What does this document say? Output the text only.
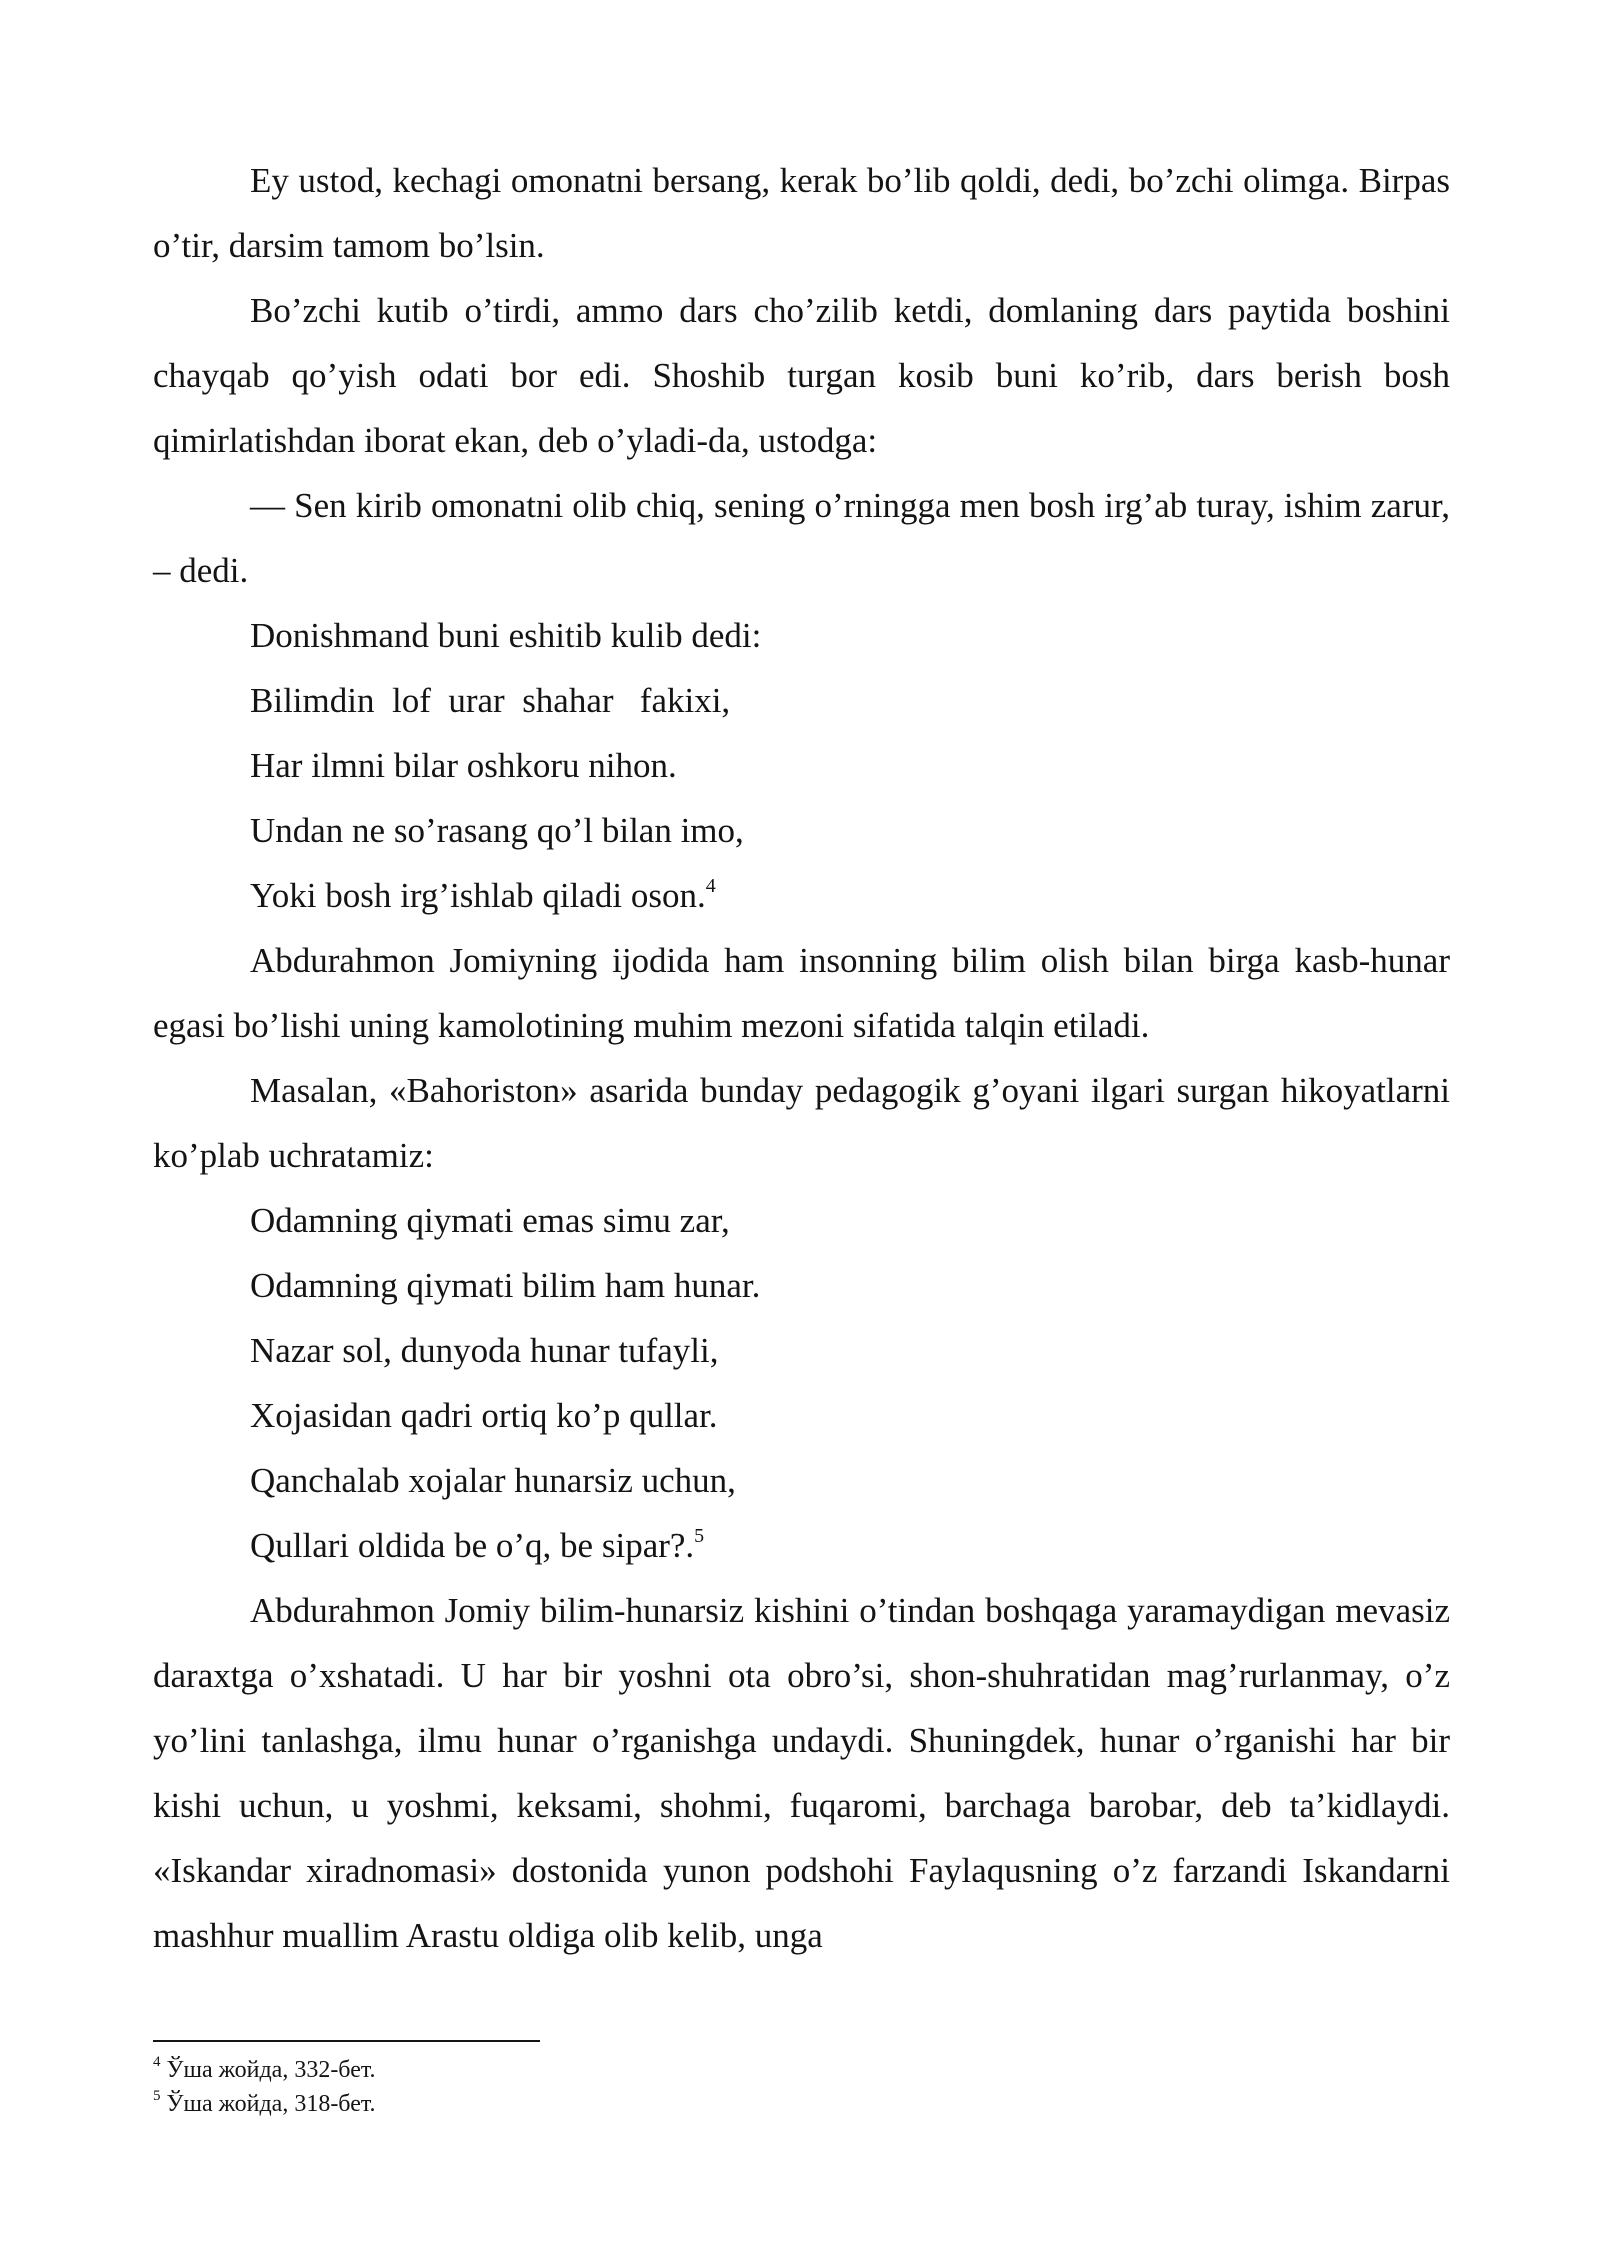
Ey ustod, kechagi omonatni bersang, kerak bo’lib qoldi, dedi, bo’zchi olimga. Birpas o’tir, darsim tamom bo’lsin.

Bo’zchi kutib o’tirdi, ammo dars cho’zilib ketdi, domlaning dars paytida boshini chayqab qo’yish odati bor edi. Shoshib turgan kosib buni ko’rib, dars berish bosh qimirlatishdan iborat ekan, deb o’yladi-da, ustodga:

— Sen kirib omonatni olib chiq, sening o’rningga men bosh irg’ab turay, ishim zarur, – dedi.

Donishmand buni eshitib kulib dedi:

Bilimdin  lof  urar  shahar   fakixi,

Har ilmni bilar oshkoru nihon.

Undan ne so’rasang qo’l bilan imo,

Yoki bosh irg’ishlab qiladi oson.$^4$

Abdurahmon Jomiyning ijodida ham insonning bilim olish bilan birga kasb-hunar egasi bo’lishi uning kamolotining muhim mezoni sifatida talqin etiladi.

Masalan, «Bahoriston» asarida bunday pedagogik g’oyani ilgari surgan hikoyatlarni ko’plab uchratamiz:

Odamning qiymati emas simu zar,

Odamning qiymati bilim ham hunar.

Nazar sol, dunyoda hunar tufayli,

Xojasidan qadri ortiq ko’p qullar.

Qanchalab xojalar hunarsiz uchun,

Qullari oldida be o’q, be sipar?.$^5$

Abdurahmon Jomiy bilim-hunarsiz kishini o’tindan boshqaga yaramaydigan mevasiz daraxtga o’xshatadi. U har bir yoshni ota obro’si, shon-shuhratidan mag’rurlanmay, o’z yo’lini tanlashga, ilmu hunar o’rganishga undaydi. Shuningdek, hunar o’rganishi har bir kishi uchun, u yoshmi, keksami, shohmi, fuqaromi, barchaga barobar, deb ta’kidlaydi. «Iskandar xiradnomasi» dostonida yunon podshohi Faylaqusning o’z farzandi Iskandarni mashhur muallim Arastu oldiga olib kelib, unga

$^4$ Ўша жойда, 332-бет.

$^5$ Ўша жойда, 318-бет.
